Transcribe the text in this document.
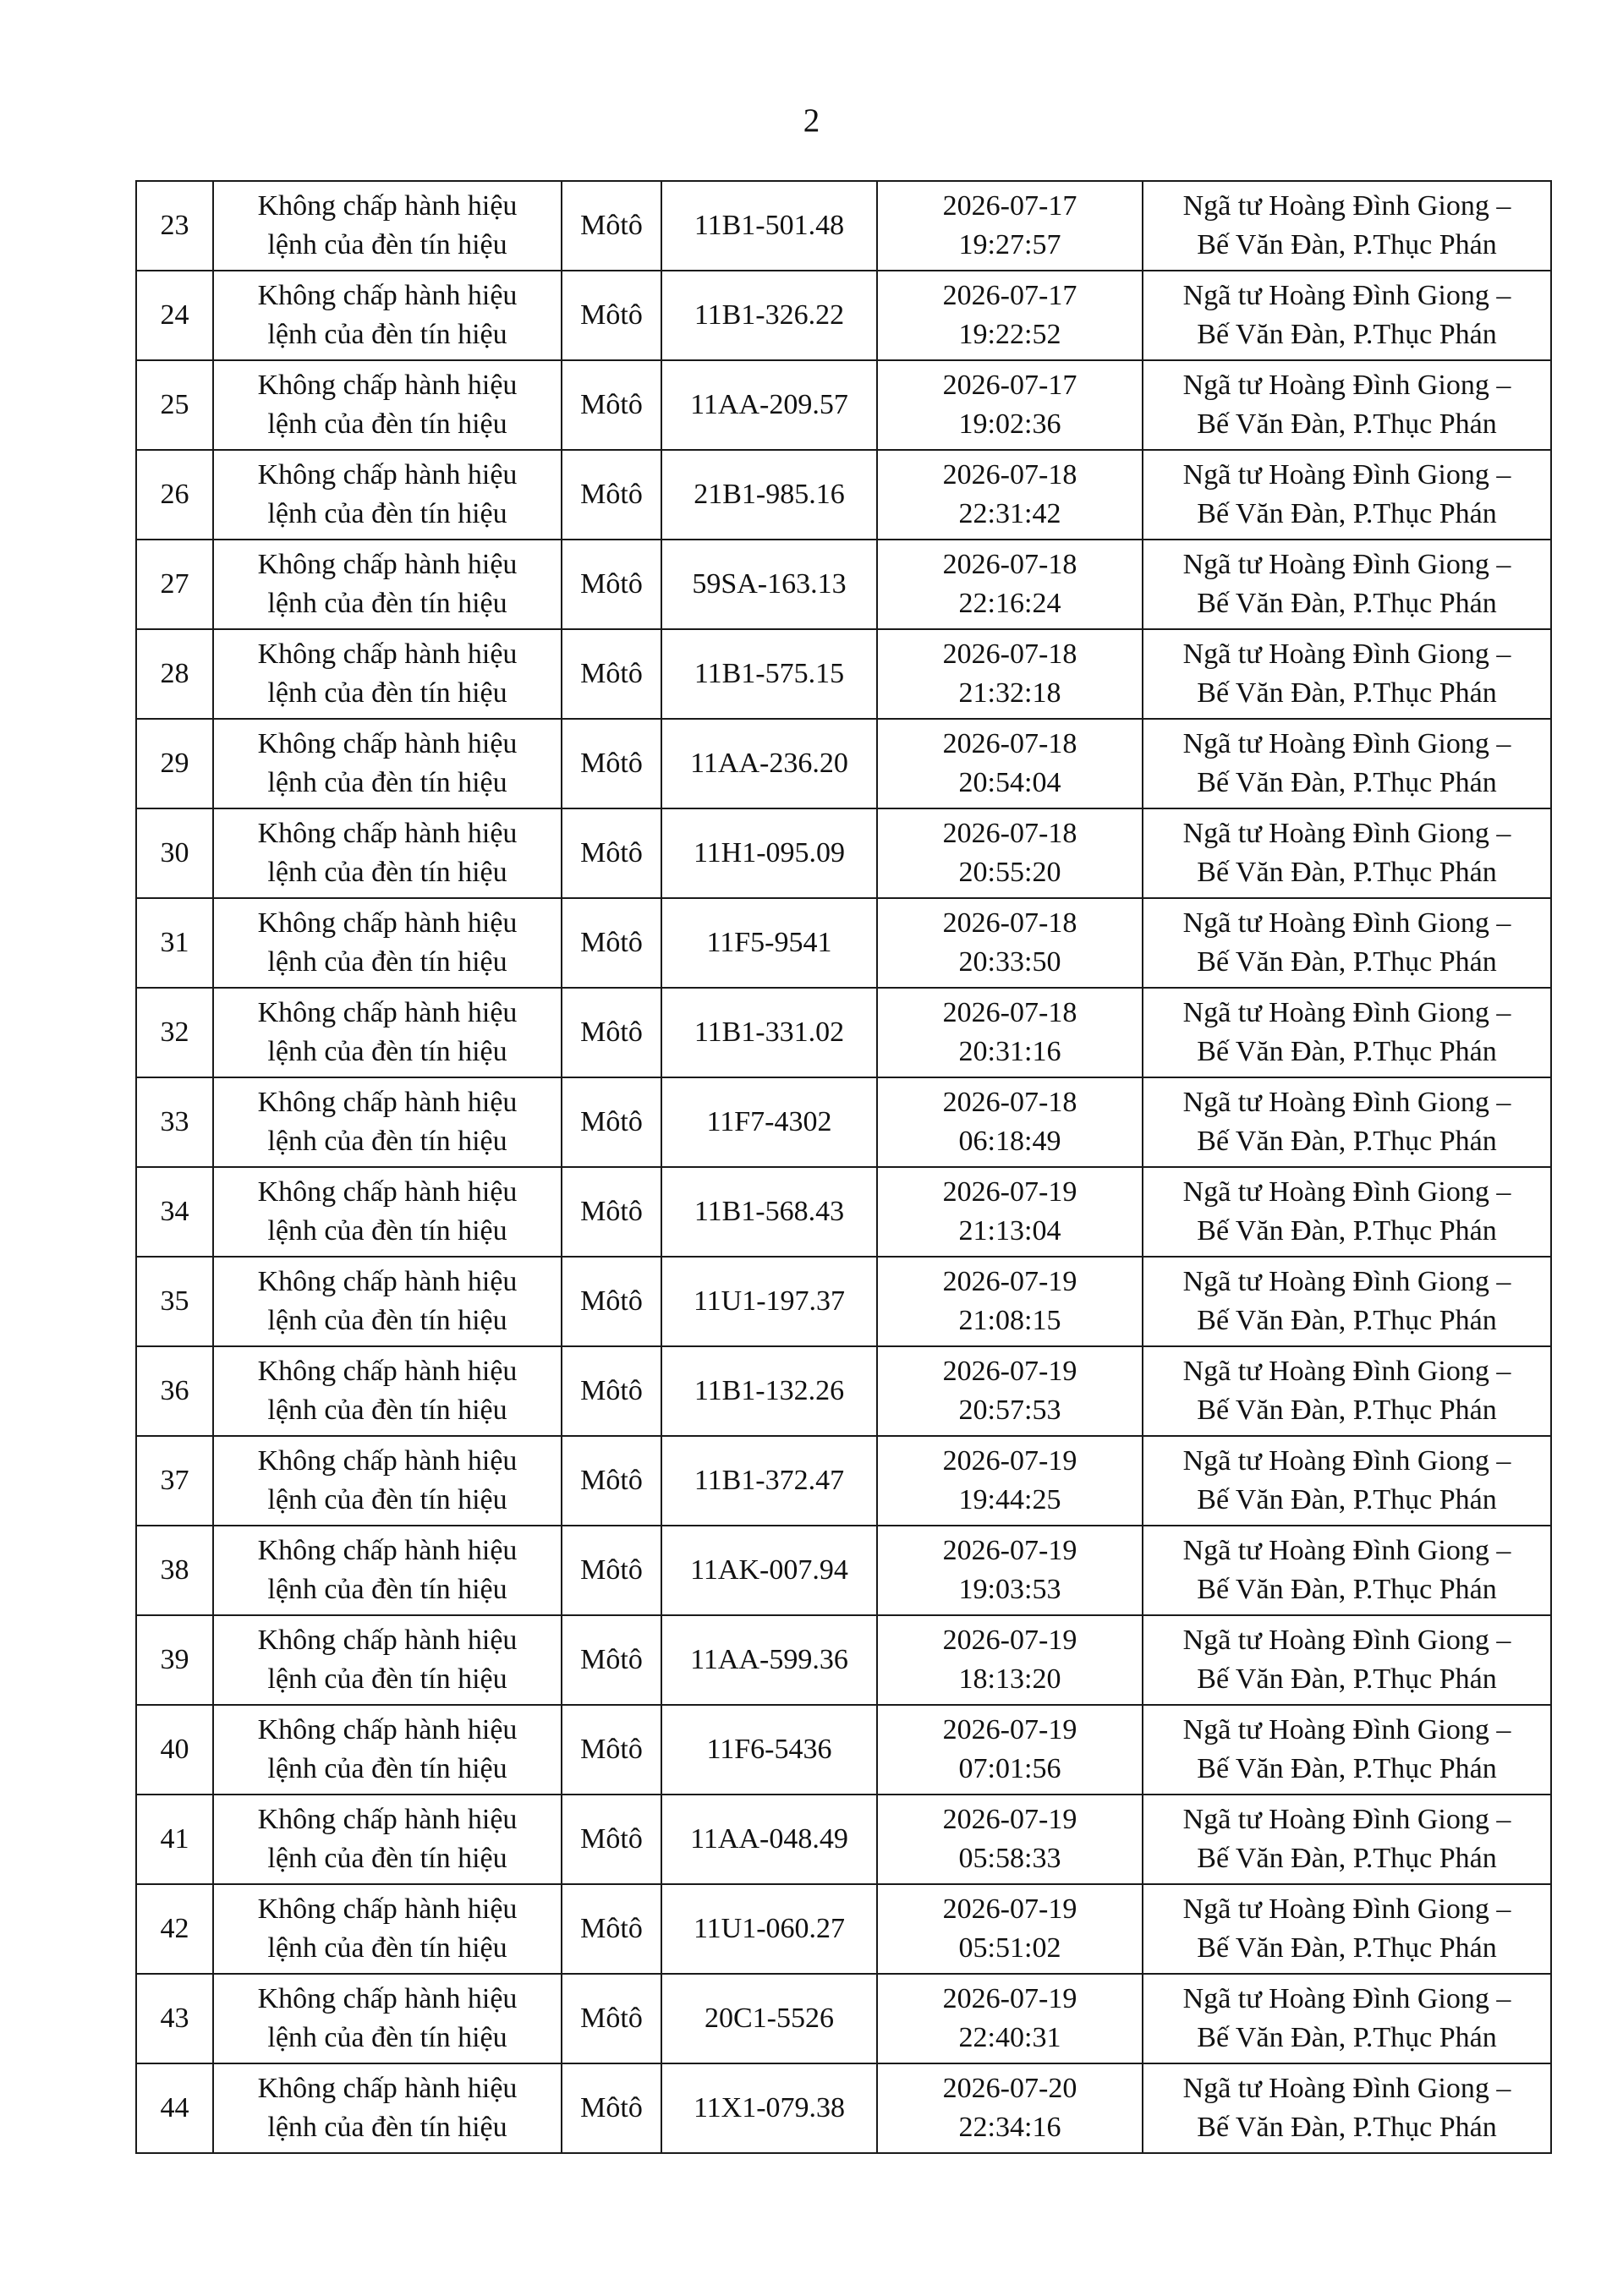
2
23	Không chấp hành hiệu
lệnh của đèn tín hiệu	Môtô	11B1-501.48	2026-07-17
19:27:57	Ngã tư Hoàng Đình Giong –
Bế Văn Đàn, P.Thục Phán

24	Không chấp hành hiệu
lệnh của đèn tín hiệu	Môtô	11B1-326.22	2026-07-17
19:22:52	Ngã tư Hoàng Đình Giong –
Bế Văn Đàn, P.Thục Phán

25	Không chấp hành hiệu
lệnh của đèn tín hiệu	Môtô	11AA-209.57	2026-07-17
19:02:36	Ngã tư Hoàng Đình Giong –
Bế Văn Đàn, P.Thục Phán

26	Không chấp hành hiệu
lệnh của đèn tín hiệu	Môtô	21B1-985.16	2026-07-18
22:31:42	Ngã tư Hoàng Đình Giong –
Bế Văn Đàn, P.Thục Phán

27	Không chấp hành hiệu
lệnh của đèn tín hiệu	Môtô	59SA-163.13	2026-07-18
22:16:24	Ngã tư Hoàng Đình Giong –
Bế Văn Đàn, P.Thục Phán

28	Không chấp hành hiệu
lệnh của đèn tín hiệu	Môtô	11B1-575.15	2026-07-18
21:32:18	Ngã tư Hoàng Đình Giong –
Bế Văn Đàn, P.Thục Phán

29	Không chấp hành hiệu
lệnh của đèn tín hiệu	Môtô	11AA-236.20	2026-07-18
20:54:04	Ngã tư Hoàng Đình Giong –
Bế Văn Đàn, P.Thục Phán

30	Không chấp hành hiệu
lệnh của đèn tín hiệu	Môtô	11H1-095.09	2026-07-18
20:55:20	Ngã tư Hoàng Đình Giong –
Bế Văn Đàn, P.Thục Phán

31	Không chấp hành hiệu
lệnh của đèn tín hiệu	Môtô	11F5-9541	2026-07-18
20:33:50	Ngã tư Hoàng Đình Giong –
Bế Văn Đàn, P.Thục Phán

32	Không chấp hành hiệu
lệnh của đèn tín hiệu	Môtô	11B1-331.02	2026-07-18
20:31:16	Ngã tư Hoàng Đình Giong –
Bế Văn Đàn, P.Thục Phán

33	Không chấp hành hiệu
lệnh của đèn tín hiệu	Môtô	11F7-4302	2026-07-18
06:18:49	Ngã tư Hoàng Đình Giong –
Bế Văn Đàn, P.Thục Phán

34	Không chấp hành hiệu
lệnh của đèn tín hiệu	Môtô	11B1-568.43	2026-07-19
21:13:04	Ngã tư Hoàng Đình Giong –
Bế Văn Đàn, P.Thục Phán

35	Không chấp hành hiệu
lệnh của đèn tín hiệu	Môtô	11U1-197.37	2026-07-19
21:08:15	Ngã tư Hoàng Đình Giong –
Bế Văn Đàn, P.Thục Phán

36	Không chấp hành hiệu
lệnh của đèn tín hiệu	Môtô	11B1-132.26	2026-07-19
20:57:53	Ngã tư Hoàng Đình Giong –
Bế Văn Đàn, P.Thục Phán

37	Không chấp hành hiệu
lệnh của đèn tín hiệu	Môtô	11B1-372.47	2026-07-19
19:44:25	Ngã tư Hoàng Đình Giong –
Bế Văn Đàn, P.Thục Phán

38	Không chấp hành hiệu
lệnh của đèn tín hiệu	Môtô	11AK-007.94	2026-07-19
19:03:53	Ngã tư Hoàng Đình Giong –
Bế Văn Đàn, P.Thục Phán

39	Không chấp hành hiệu
lệnh của đèn tín hiệu	Môtô	11AA-599.36	2026-07-19
18:13:20	Ngã tư Hoàng Đình Giong –
Bế Văn Đàn, P.Thục Phán

40	Không chấp hành hiệu
lệnh của đèn tín hiệu	Môtô	11F6-5436	2026-07-19
07:01:56	Ngã tư Hoàng Đình Giong –
Bế Văn Đàn, P.Thục Phán

41	Không chấp hành hiệu
lệnh của đèn tín hiệu	Môtô	11AA-048.49	2026-07-19
05:58:33	Ngã tư Hoàng Đình Giong –
Bế Văn Đàn, P.Thục Phán

42	Không chấp hành hiệu
lệnh của đèn tín hiệu	Môtô	11U1-060.27	2026-07-19
05:51:02	Ngã tư Hoàng Đình Giong –
Bế Văn Đàn, P.Thục Phán

43	Không chấp hành hiệu
lệnh của đèn tín hiệu	Môtô	20C1-5526	2026-07-19
22:40:31	Ngã tư Hoàng Đình Giong –
Bế Văn Đàn, P.Thục Phán

44	Không chấp hành hiệu
lệnh của đèn tín hiệu	Môtô	11X1-079.38	2026-07-20
22:34:16	Ngã tư Hoàng Đình Giong –
Bế Văn Đàn, P.Thục Phán
